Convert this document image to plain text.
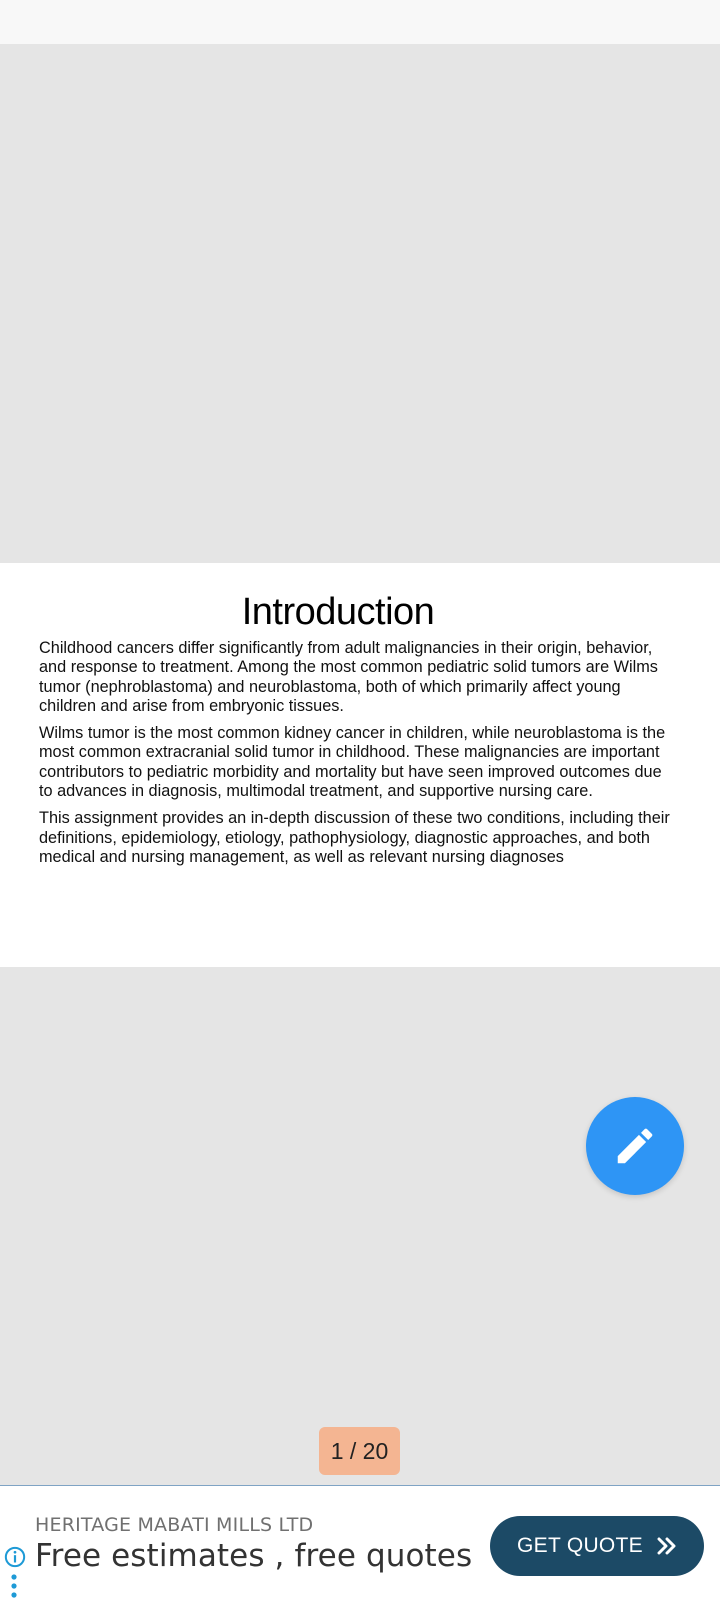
Introduction

Childhood cancers differ significantly from adult malignancies in their origin, behavior, and response to treatment. Among the most common pediatric solid tumors are Wilms tumor (nephroblastoma) and neuroblastoma, both of which primarily affect young children and arise from embryonic tissues.

Wilms tumor is the most common kidney cancer in children, while neuroblastoma is the most common extracranial solid tumor in childhood. These malignancies are important contributors to pediatric morbidity and mortality but have seen improved outcomes due to advances in diagnosis, multimodal treatment, and supportive nursing care.

This assignment provides an in-depth discussion of these two conditions, including their definitions, epidemiology, etiology, pathophysiology, diagnostic approaches, and both medical and nursing management, as well as relevant nursing diagnoses

1 / 20
HERITAGE MABATI MILLS LTD
Free estimates , free quotes GET QUOTE
